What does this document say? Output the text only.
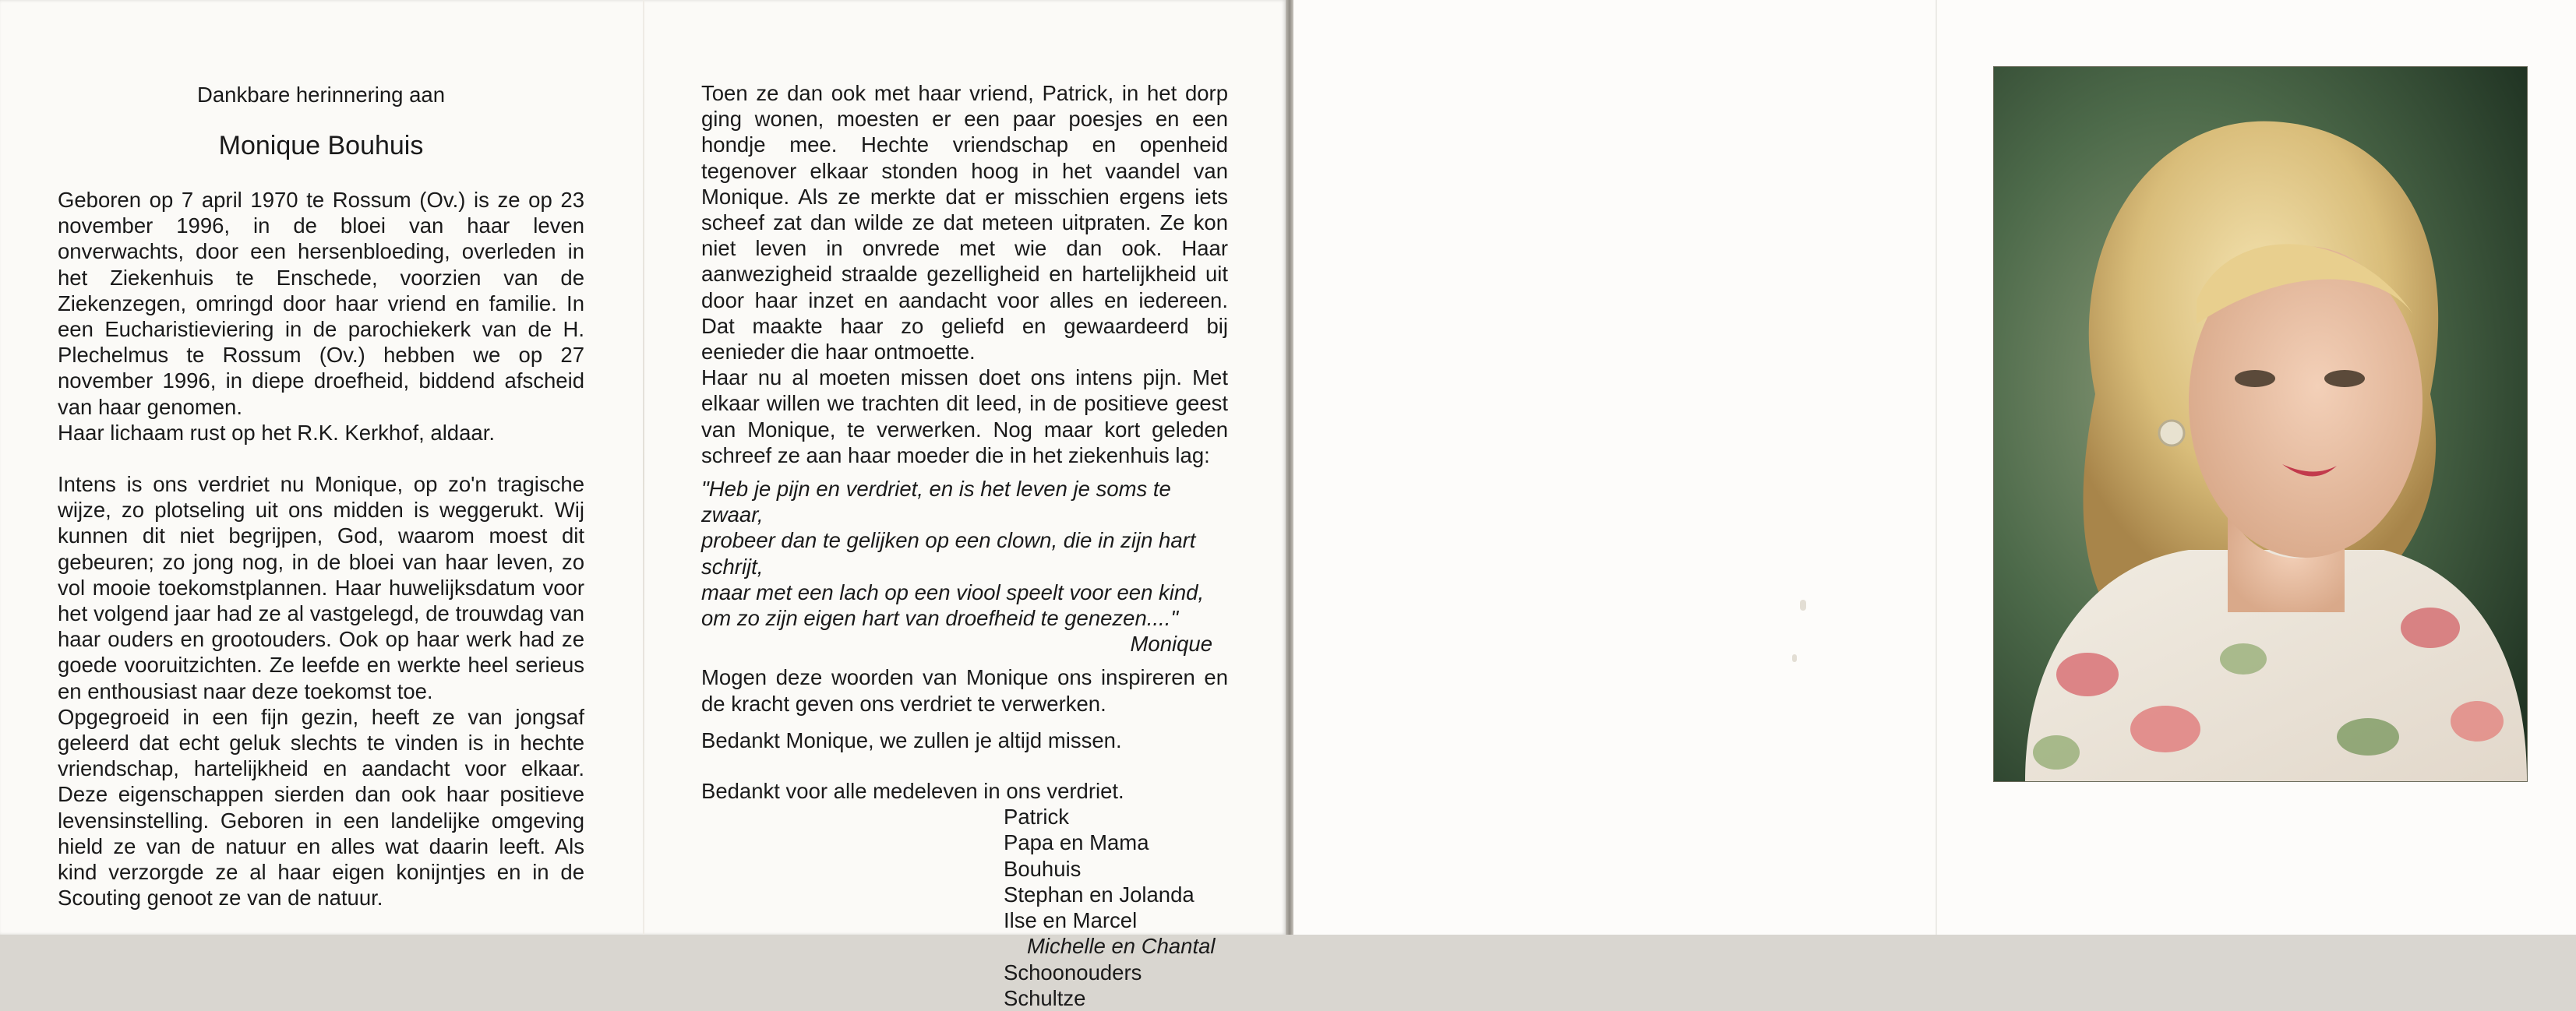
Dankbare herinnering aan
Monique Bouhuis

Geboren op 7 april 1970 te Rossum (Ov.) is ze op 23 november 1996, in de bloei van haar leven onverwachts, door een hersenbloeding, overleden in het Ziekenhuis te Enschede, voorzien van de Ziekenzegen, omringd door haar vriend en familie. In een Eucharistieviering in de parochiekerk van de H. Plechelmus te Rossum (Ov.) hebben we op 27 november 1996, in diepe droefheid, biddend afscheid van haar genomen.

Haar lichaam rust op het R.K. Kerkhof, aldaar.

Intens is ons verdriet nu Monique, op zo'n tragische wijze, zo plotseling uit ons midden is weggerukt. Wij kunnen dit niet begrijpen, God, waarom moest dit gebeuren; zo jong nog, in de bloei van haar leven, zo vol mooie toekomstplannen. Haar huwelijksdatum voor het volgend jaar had ze al vastgelegd, de trouwdag van haar ouders en grootouders. Ook op haar werk had ze goede vooruitzichten. Ze leefde en werkte heel serieus en enthousiast naar deze toekomst toe.

Opgegroeid in een fijn gezin, heeft ze van jongsaf geleerd dat echt geluk slechts te vinden is in hechte vriendschap, hartelijkheid en aandacht voor elkaar. Deze eigenschappen sierden dan ook haar positieve levensinstelling. Geboren in een landelijke omgeving hield ze van de natuur en alles wat daarin leeft. Als kind verzorgde ze al haar eigen konijntjes en in de Scouting genoot ze van de natuur.

Toen ze dan ook met haar vriend, Patrick, in het dorp ging wonen, moesten er een paar poesjes en een hondje mee. Hechte vriendschap en openheid tegenover elkaar stonden hoog in het vaandel van Monique. Als ze merkte dat er misschien ergens iets scheef zat dan wilde ze dat meteen uitpraten. Ze kon niet leven in onvrede met wie dan ook. Haar aanwezigheid straalde gezelligheid en hartelijkheid uit door haar inzet en aandacht voor alles en iedereen. Dat maakte haar zo geliefd en gewaardeerd bij eenieder die haar ontmoette.

Haar nu al moeten missen doet ons intens pijn. Met elkaar willen we trachten dit leed, in de positieve geest van Monique, te verwerken. Nog maar kort geleden schreef ze aan haar moeder die in het ziekenhuis lag:

"Heb je pijn en verdriet, en is het leven je soms te zwaar,
probeer dan te gelijken op een clown, die in zijn hart schrijt,
maar met een lach op een viool speelt voor een kind,
om zo zijn eigen hart van droefheid te genezen...."
Monique

Mogen deze woorden van Monique ons inspireren en de kracht geven ons verdriet te verwerken.

Bedankt Monique, we zullen je altijd missen.

Bedankt voor alle medeleven in ons verdriet.

Patrick
Papa en Mama Bouhuis
Stephan en Jolanda
Ilse en Marcel
Michelle en Chantal
Schoonouders Schultze
